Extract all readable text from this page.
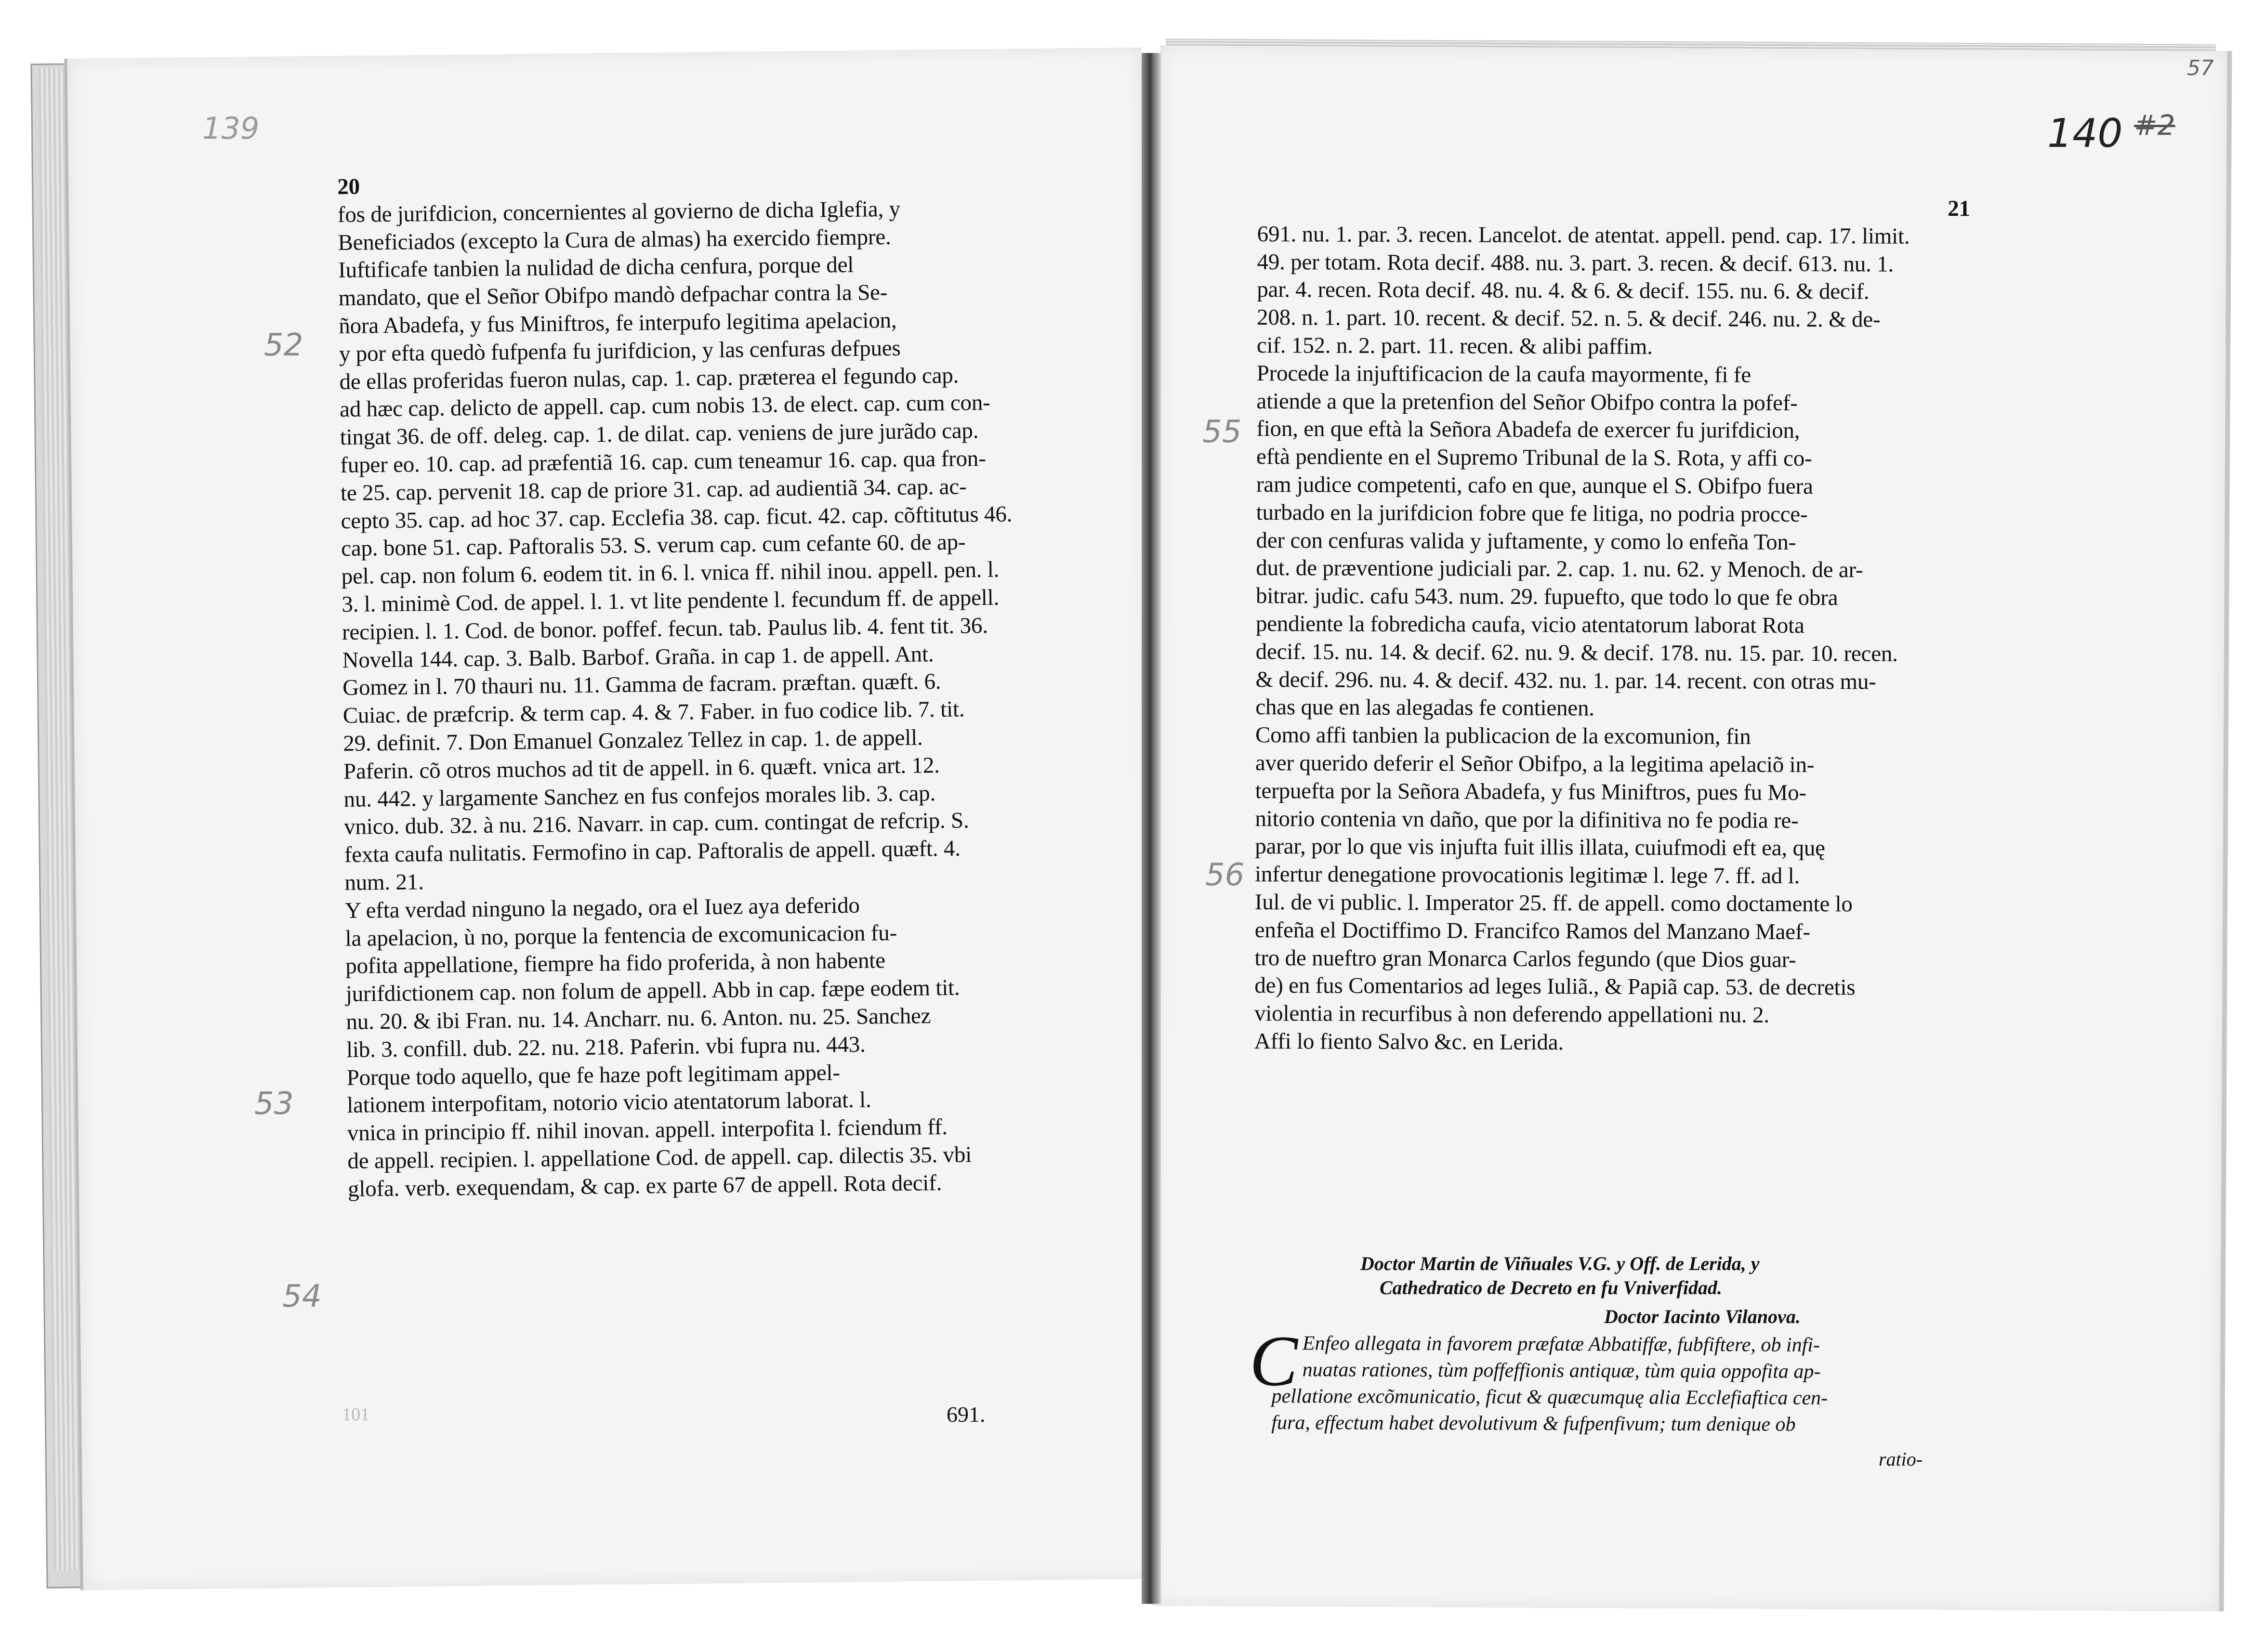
139	140 #2
57
52
53
54
55
56
20
fos de jurifdicion, concernientes al govierno de dicha Iglefia, y
Beneficiados (excepto la Cura de almas) ha exercido fiempre.
Iuftificafe tanbien la nulidad de dicha cenfura, porque del
mandato, que el Señor Obifpo mandò defpachar contra la Se-
ñora Abadefa, y fus Miniftros, fe interpufo legitima apelacion,
y por efta quedò fufpenfa fu jurifdicion, y las cenfuras defpues
de ellas proferidas fueron nulas, cap. 1. cap. præterea el fegundo cap.
ad hæc cap. delicto de appell. cap. cum nobis 13. de elect. cap. cum con-
tingat 36. de off. deleg. cap. 1. de dilat. cap. veniens de jure jurãdo cap.
fuper eo. 10. cap. ad præfentiã 16. cap. cum teneamur 16. cap. qua fron-
te 25. cap. pervenit 18. cap de priore 31. cap. ad audientiã 34. cap. ac-
cepto 35. cap. ad hoc 37. cap. Ecclefia 38. cap. ficut. 42. cap. cõftitutus 46.
cap. bone 51. cap. Paftoralis 53. S. verum cap. cum cefante 60. de ap-
pel. cap. non folum 6. eodem tit. in 6. l. vnica ff. nihil inou. appell. pen. l.
3. l. minimè Cod. de appel. l. 1. vt lite pendente l. fecundum ff. de appell.
recipien. l. 1. Cod. de bonor. poffef. fecun. tab. Paulus lib. 4. fent tit. 36.
Novella 144. cap. 3. Balb. Barbof. Graña. in cap 1. de appell. Ant.
Gomez in l. 70 thauri nu. 11. Gamma de facram. præftan. quæft. 6.
Cuiac. de præfcrip. & term cap. 4. & 7. Faber. in fuo codice lib. 7. tit.
29. definit. 7. Don Emanuel Gonzalez Tellez in cap. 1. de appell.
Paferin. cõ otros muchos ad tit de appell. in 6. quæft. vnica art. 12.
nu. 442. y largamente Sanchez en fus confejos morales lib. 3. cap.
vnico. dub. 32. à nu. 216. Navarr. in cap. cum. contingat de refcrip. S.
fexta caufa nulitatis. Fermofino in cap. Paftoralis de appell. quæft. 4.
num. 21.
Y efta verdad ninguno la negado, ora el Iuez aya deferido
la apelacion, ù no, porque la fentencia de excomunicacion fu-
pofita appellatione, fiempre ha fido proferida, à non habente
jurifdictionem cap. non folum de appell. Abb in cap. fæpe eodem tit.
nu. 20. & ibi Fran. nu. 14. Ancharr. nu. 6. Anton. nu. 25. Sanchez
lib. 3. confill. dub. 22. nu. 218. Paferin. vbi fupra nu. 443.
Porque todo aquello, que fe haze poft legitimam appel-
lationem interpofitam, notorio vicio atentatorum laborat. l.
vnica in principio ff. nihil inovan. appell. interpofita l. fciendum ff.
de appell. recipien. l. appellatione Cod. de appell. cap. dilectis 35. vbi
glofa. verb. exequendam, & cap. ex parte 67 de appell. Rota decif.
691.
101
21
691. nu. 1. par. 3. recen. Lancelot. de atentat. appell. pend. cap. 17. limit.
49. per totam. Rota decif. 488. nu. 3. part. 3. recen. & decif. 613. nu. 1.
par. 4. recen. Rota decif. 48. nu. 4. & 6. & decif. 155. nu. 6. & decif.
208. n. 1. part. 10. recent. & decif. 52. n. 5. & decif. 246. nu. 2. & de-
cif. 152. n. 2. part. 11. recen. & alibi paffim.
Procede la injuftificacion de la caufa mayormente, fi fe
atiende a que la pretenfion del Señor Obifpo contra la pofef-
fion, en que eftà la Señora Abadefa de exercer fu jurifdicion,
eftà pendiente en el Supremo Tribunal de la S. Rota, y affi co-
ram judice competenti, cafo en que, aunque el S. Obifpo fuera
turbado en la jurifdicion fobre que fe litiga, no podria procce-
der con cenfuras valida y juftamente, y como lo enfeña Ton-
dut. de præventione judiciali par. 2. cap. 1. nu. 62. y Menoch. de ar-
bitrar. judic. cafu 543. num. 29. fupuefto, que todo lo que fe obra
pendiente la fobredicha caufa, vicio atentatorum laborat Rota
decif. 15. nu. 14. & decif. 62. nu. 9. & decif. 178. nu. 15. par. 10. recen.
& decif. 296. nu. 4. & decif. 432. nu. 1. par. 14. recent. con otras mu-
chas que en las alegadas fe contienen.
Como affi tanbien la publicacion de la excomunion, fin
aver querido deferir el Señor Obifpo, a la legitima apelaciõ in-
terpuefta por la Señora Abadefa, y fus Miniftros, pues fu Mo-
nitorio contenia vn daño, que por la difinitiva no fe podia re-
parar, por lo que vis injufta fuit illis illata, cuiufmodi eft ea, quę
infertur denegatione provocationis legitimæ l. lege 7. ff. ad l.
Iul. de vi public. l. Imperator 25. ff. de appell. como doctamente lo
enfeña el Doctiffimo D. Francifco Ramos del Manzano Maef-
tro de nueftro gran Monarca Carlos fegundo (que Dios guar-
de) en fus Comentarios ad leges Iuliã., & Papiã cap. 53. de decretis
violentia in recurfibus à non deferendo appellationi nu. 2.
Affi lo fiento Salvo &c. en Lerida.
Doctor Martin de Viñuales V.G. y Off. de Lerida, y
Cathedratico de Decreto en fu Vniverfidad.
Doctor Iacinto Vilanova.
C Enfeo allegata in favorem præfatæ Abbatiffæ, fubfiftere, ob infi-
nuatas rationes, tùm poffeffionis antiquæ, tùm quia oppofita ap-
pellatione excõmunicatio, ficut & quæcumquę alia Ecclefiaftica cen-
fura, effectum habet devolutivum & fufpenfivum; tum denique ob
ratio-
